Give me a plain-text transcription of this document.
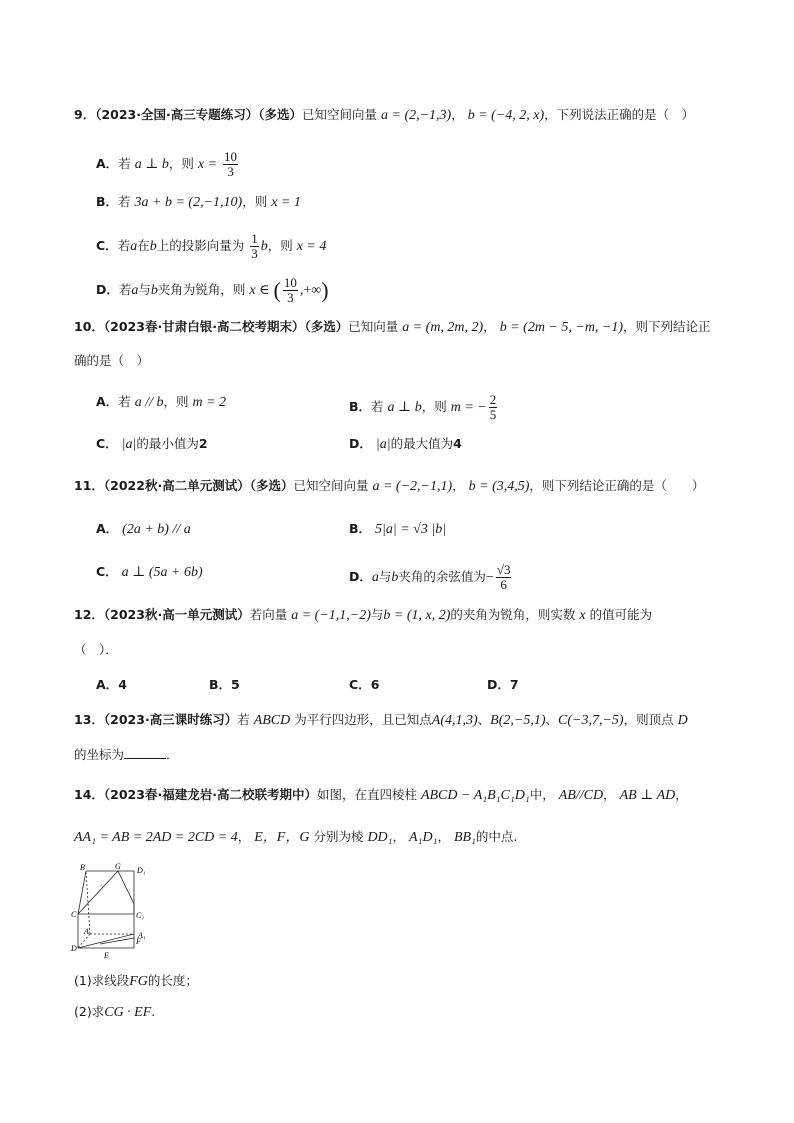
9．（2023·全国·高三专题练习）（多选）已知空间向量 a = (2,−1,3)， b = (−4, 2, x)，下列说法正确的是（　）
A．若 a ⊥ b，则 $x = \frac{10}{3}$
B．若 3a + b = (2,−1,10)，则 x = 1
C．若a在b上的投影向量为 $\frac{1}{3}$ b，则 x = 4
D．若a与b夹角为锐角，则 x ∈ ( $\frac{10}{3}$ ,+∞)
10．（2023春·甘肃白银·高二校考期末）（多选）已知向量 a = (m, 2m, 2)， b = (2m − 5, −m, −1)，则下列结论正
确的是（　）
A．若 a // b，则 m = 2	B．若 a ⊥ b，则 m = − $\frac{2}{5}$
C． |a|的最小值为2	D． |a|的最大值为4
11．（2022秋·高二单元测试）（多选）已知空间向量 a = (−2,−1,1)， b = (3,4,5)，则下列结论正确的是（　　）
A． (2a + b) // a	B． 5|a| = √3 |b|
C． a ⊥ (5a + 6b)	D．a与b夹角的余弦值为− $\frac{√3}{6}$
12．（2023秋·高一单元测试）若向量 a = (−1,1,−2)与b = (1, x, 2)的夹角为锐角，则实数 x 的值可能为
（　）．
A．4	B．5	C．6	D．7
13．（2023·高三课时练习）若 ABCD 为平行四边形，且已知点A(4,1,3)、B(2,−5,1)、C(−3,7,−5)，则顶点 D
的坐标为	．
14．（2023春·福建龙岩·高二校联考期中）如图，在直四棱柱 ABCD − A₁B₁C₁D₁中， AB//CD， AB ⊥ AD，
AA₁ = AB = 2AD = 2CD = 4， E，F，G 分别为棱 DD₁， A₁D₁， BB₁的中点.
B	G D₁
C	C₁
A	A₁
F
D
E
(1)求线段FG的长度；
(2)求CG · EF.
